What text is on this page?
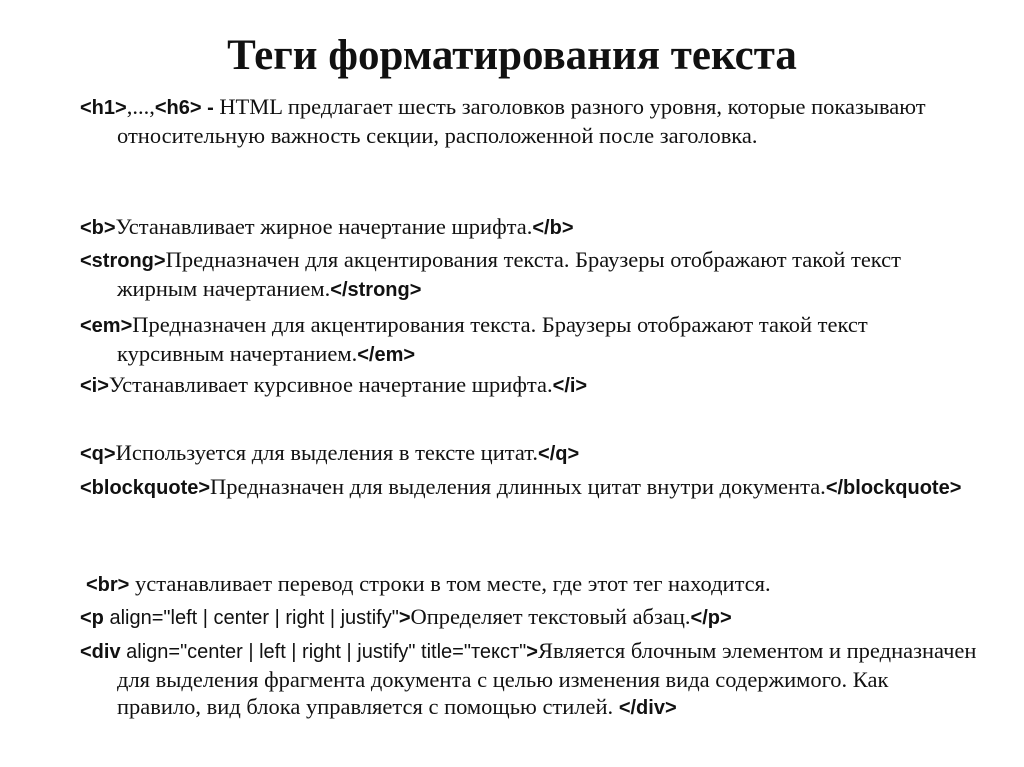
Теги форматирования текста
<h1>,...,<h6> - HTML предлагает шесть заголовков разного уровня, которые показывают относительную важность секции, расположенной после заголовка.
<b>Устанавливает жирное начертание шрифта.</b>
<strong>Предназначен для акцентирования текста. Браузеры отображают такой текст жирным начертанием.</strong>
<em>Предназначен для акцентирования текста. Браузеры отображают такой текст курсивным начертанием.</em>
<i>Устанавливает курсивное начертание шрифта.</i>
<q>Используется для выделения в тексте цитат.</q>
<blockquote>Предназначен для выделения длинных цитат внутри документа.</blockquote>
<br> устанавливает перевод строки в том месте, где этот тег находится.
<p align="left | center | right | justify">Определяет текстовый абзац.</p>
<div align="center | left | right | justify" title="текст">Является блочным элементом и предназначен для выделения фрагмента документа с целью изменения вида содержимого. Как правило, вид блока управляется с помощью стилей. </div>
